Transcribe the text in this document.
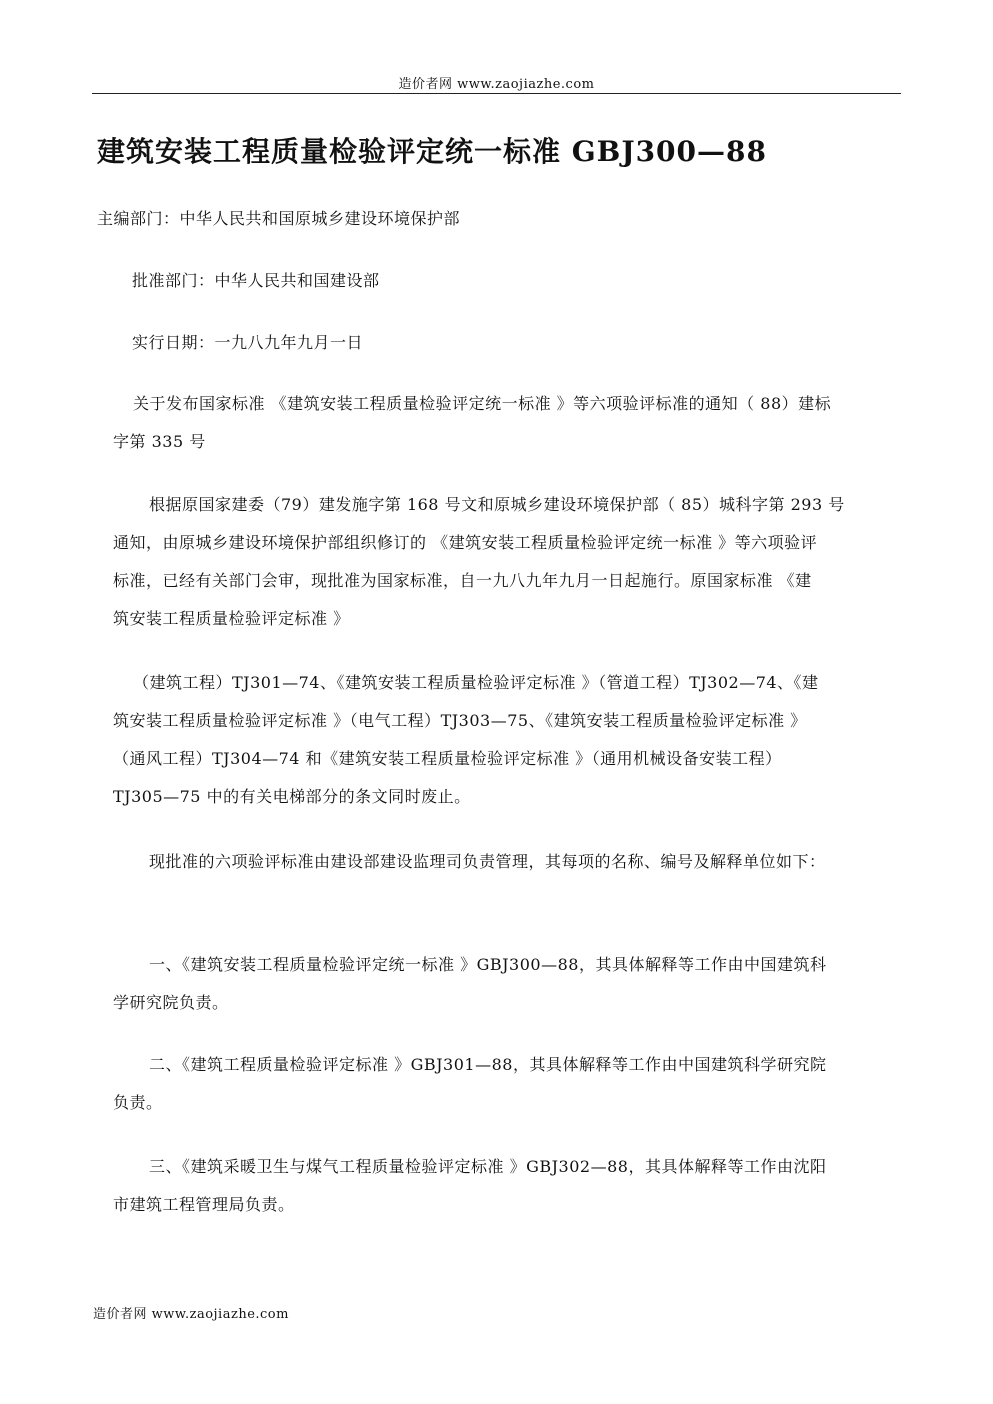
造价者网 www.zaojiazhe.com
建筑安装工程质量检验评定统一标准 GBJ300—88
主编部门：中华人民共和国原城乡建设环境保护部
批准部门：中华人民共和国建设部
实行日期：一九八九年九月一日
关于发布国家标准 《建筑安装工程质量检验评定统一标准 》等六项验评标准的通知（ 88）建标
字第 335 号
根据原国家建委（79）建发施字第 168 号文和原城乡建设环境保护部（ 85）城科字第 293 号
通知，由原城乡建设环境保护部组织修订的 《建筑安装工程质量检验评定统一标准 》等六项验评
标准，已经有关部门会审，现批准为国家标准，自一九八九年九月一日起施行。原国家标准 《建
筑安装工程质量检验评定标准 》
（建筑工程）TJ301—74、《建筑安装工程质量检验评定标准 》（管道工程）TJ302—74、《建
筑安装工程质量检验评定标准 》（电气工程）TJ303—75、《建筑安装工程质量检验评定标准 》
（通风工程）TJ304—74 和《建筑安装工程质量检验评定标准 》（通用机械设备安装工程）
TJ305—75 中的有关电梯部分的条文同时废止。
现批准的六项验评标准由建设部建设监理司负责管理，其每项的名称、编号及解释单位如下：
一、《建筑安装工程质量检验评定统一标准 》GBJ300—88，其具体解释等工作由中国建筑科
学研究院负责。
二、《建筑工程质量检验评定标准 》GBJ301—88，其具体解释等工作由中国建筑科学研究院
负责。
三、《建筑采暖卫生与煤气工程质量检验评定标准 》GBJ302—88，其具体解释等工作由沈阳
市建筑工程管理局负责。
造价者网 www.zaojiazhe.com
